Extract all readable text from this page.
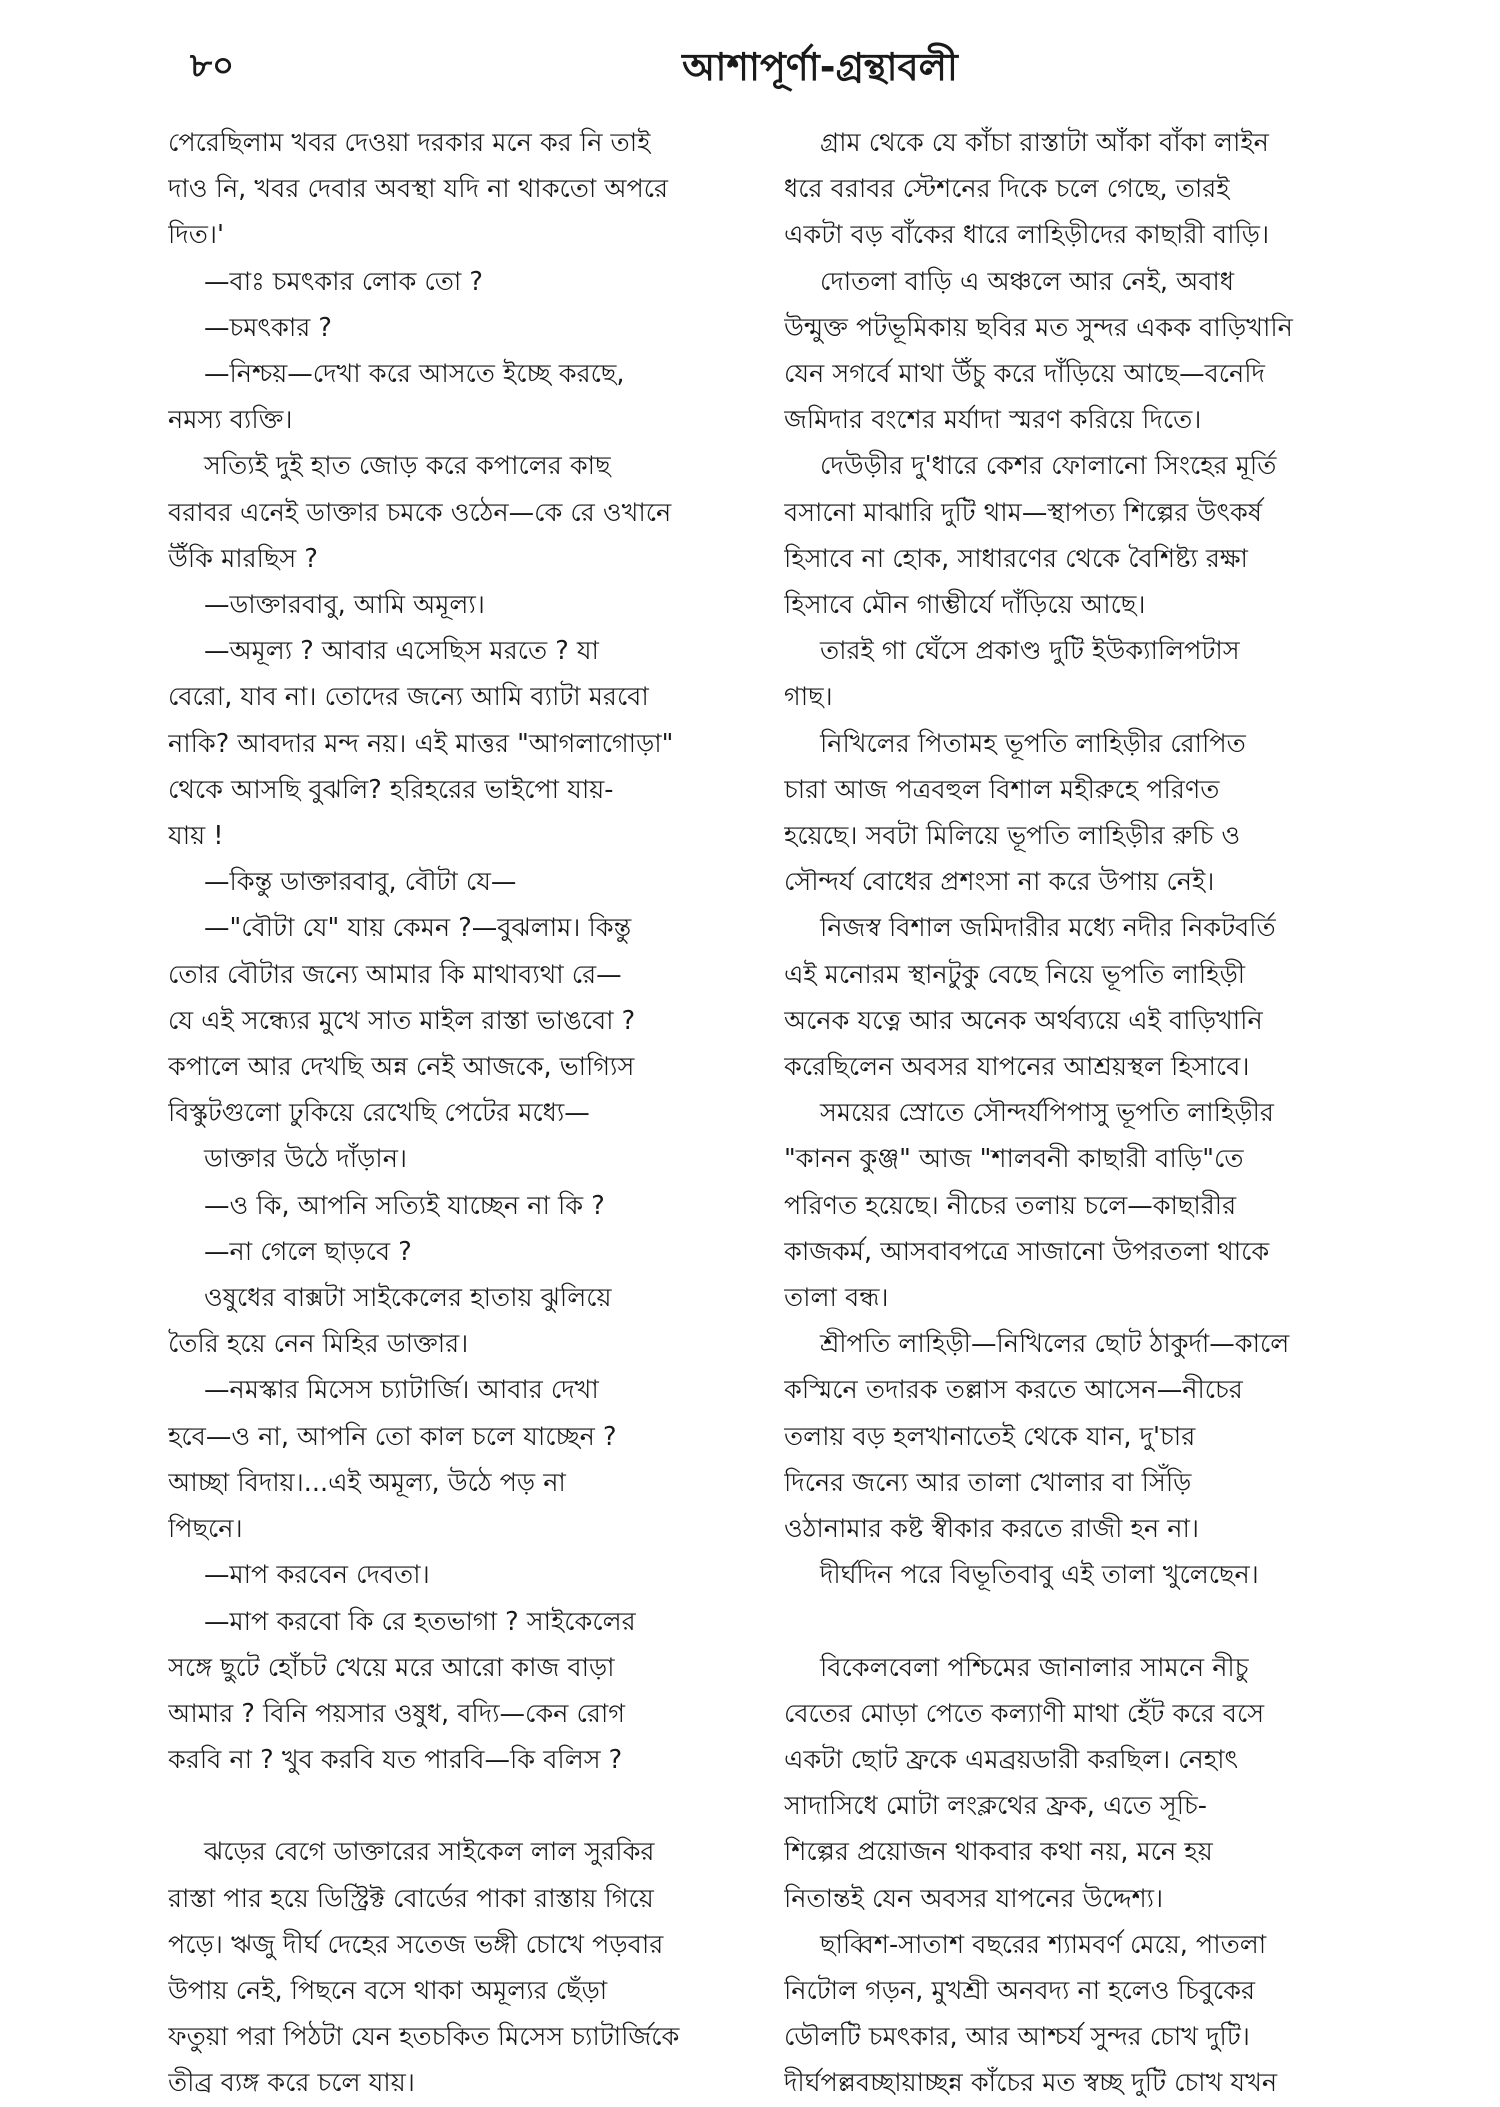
৮০	আশাপূর্ণা-গ্রন্থাবলী
পেরেছিলাম খবর দেওয়া দরকার মনে কর নি তাই
দাও নি, খবর দেবার অবস্থা যদি না থাকতো অপরে
দিত।'
—বাঃ চমৎকার লোক তো ?
—চমৎকার ?
—নিশ্চয়—দেখা করে আসতে ইচ্ছে করছে,
নমস্য ব্যক্তি।
সত্যিই দুই হাত জোড় করে কপালের কাছ
বরাবর এনেই ডাক্তার চমকে ওঠেন—কে রে ওখানে
উঁকি মারছিস ?
—ডাক্তারবাবু, আমি অমূল্য।
—অমূল্য ? আবার এসেছিস মরতে ? যা
বেরো, যাব না। তোদের জন্যে আমি ব্যাটা মরবো
নাকি? আবদার মন্দ নয়। এই মাত্তর "আগলাগোড়া"
থেকে আসছি বুঝলি? হরিহরের ভাইপো যায়-
যায় !
—কিন্তু ডাক্তারবাবু, বৌটা যে—
—"বৌটা যে" যায় কেমন ?—বুঝলাম। কিন্তু
তোর বৌটার জন্যে আমার কি মাথাব্যথা রে—
যে এই সন্ধ্যের মুখে সাত মাইল রাস্তা ভাঙবো ?
কপালে আর দেখছি অন্ন নেই আজকে, ভাগ্যিস
বিস্কুটগুলো ঢুকিয়ে রেখেছি পেটের মধ্যে—
ডাক্তার উঠে দাঁড়ান।
—ও কি, আপনি সত্যিই যাচ্ছেন না কি ?
—না গেলে ছাড়বে ?
ওষুধের বাক্সটা সাইকেলের হাতায় ঝুলিয়ে
তৈরি হয়ে নেন মিহির ডাক্তার।
—নমস্কার মিসেস চ্যাটার্জি। আবার দেখা
হবে—ও না, আপনি তো কাল চলে যাচ্ছেন ?
আচ্ছা বিদায়।...এই অমূল্য, উঠে পড় না
পিছনে।
—মাপ করবেন দেবতা।
—মাপ করবো কি রে হতভাগা ? সাইকেলের
সঙ্গে ছুটে হোঁচট খেয়ে মরে আরো কাজ বাড়া
আমার ? বিনি পয়সার ওষুধ, বদ্যি—কেন রোগ
করবি না ? খুব করবি যত পারবি—কি বলিস ?
ঝড়ের বেগে ডাক্তারের সাইকেল লাল সুরকির
রাস্তা পার হয়ে ডিস্ট্রিক্ট বোর্ডের পাকা রাস্তায় গিয়ে
পড়ে। ঋজু দীর্ঘ দেহের সতেজ ভঙ্গী চোখে পড়বার
উপায় নেই, পিছনে বসে থাকা অমূল্যর ছেঁড়া
ফতুয়া পরা পিঠটা যেন হতচকিত মিসেস চ্যাটার্জিকে
তীব্র ব্যঙ্গ করে চলে যায়।
গ্রাম থেকে যে কাঁচা রাস্তাটা আঁকা বাঁকা লাইন
ধরে বরাবর স্টেশনের দিকে চলে গেছে, তারই
একটা বড় বাঁকের ধারে লাহিড়ীদের কাছারী বাড়ি।
দোতলা বাড়ি এ অঞ্চলে আর নেই, অবাধ
উন্মুক্ত পটভূমিকায় ছবির মত সুন্দর একক বাড়িখানি
যেন সগর্বে মাথা উঁচু করে দাঁড়িয়ে আছে—বনেদি
জমিদার বংশের মর্যাদা স্মরণ করিয়ে দিতে।
দেউড়ীর দু'ধারে কেশর ফোলানো সিংহের মূর্তি
বসানো মাঝারি দুটি থাম—স্থাপত্য শিল্পের উৎকর্ষ
হিসাবে না হোক, সাধারণের থেকে বৈশিষ্ট্য রক্ষা
হিসাবে মৌন গাম্ভীর্যে দাঁড়িয়ে আছে।
তারই গা ঘেঁসে প্রকাণ্ড দুটি ইউক্যালিপটাস
গাছ।
নিখিলের পিতামহ ভূপতি লাহিড়ীর রোপিত
চারা আজ পত্রবহুল বিশাল মহীরুহে পরিণত
হয়েছে। সবটা মিলিয়ে ভূপতি লাহিড়ীর রুচি ও
সৌন্দর্য বোধের প্রশংসা না করে উপায় নেই।
নিজস্ব বিশাল জমিদারীর মধ্যে নদীর নিকটবর্তি
এই মনোরম স্থানটুকু বেছে নিয়ে ভূপতি লাহিড়ী
অনেক যত্নে আর অনেক অর্থব্যয়ে এই বাড়িখানি
করেছিলেন অবসর যাপনের আশ্রয়স্থল হিসাবে।
সময়ের স্রোতে সৌন্দর্যপিপাসু ভূপতি লাহিড়ীর
"কানন কুঞ্জ" আজ "শালবনী কাছারী বাড়ি"তে
পরিণত হয়েছে। নীচের তলায় চলে—কাছারীর
কাজকর্ম, আসবাবপত্রে সাজানো উপরতলা থাকে
তালা বন্ধ।
শ্রীপতি লাহিড়ী—নিখিলের ছোট ঠাকুর্দা—কালে
কস্মিনে তদারক তল্লাস করতে আসেন—নীচের
তলায় বড় হলখানাতেই থেকে যান, দু'চার
দিনের জন্যে আর তালা খোলার বা সিঁড়ি
ওঠানামার কষ্ট স্বীকার করতে রাজী হন না।
দীর্ঘদিন পরে বিভূতিবাবু এই তালা খুলেছেন।
বিকেলবেলা পশ্চিমের জানালার সামনে নীচু
বেতের মোড়া পেতে কল্যাণী মাথা হেঁট করে বসে
একটা ছোট ফ্রকে এমব্রয়ডারী করছিল। নেহাৎ
সাদাসিধে মোটা লংক্লথের ফ্রক, এতে সূচি-
শিল্পের প্রয়োজন থাকবার কথা নয়, মনে হয়
নিতান্তই যেন অবসর যাপনের উদ্দেশ্য।
ছাব্বিশ-সাতাশ বছরের শ্যামবর্ণ মেয়ে, পাতলা
নিটোল গড়ন, মুখশ্রী অনবদ্য না হলেও চিবুকের
ডৌলটি চমৎকার, আর আশ্চর্য সুন্দর চোখ দুটি।
দীর্ঘপল্লবচ্ছায়াচ্ছন্ন কাঁচের মত স্বচ্ছ দুটি চোখ যখন
